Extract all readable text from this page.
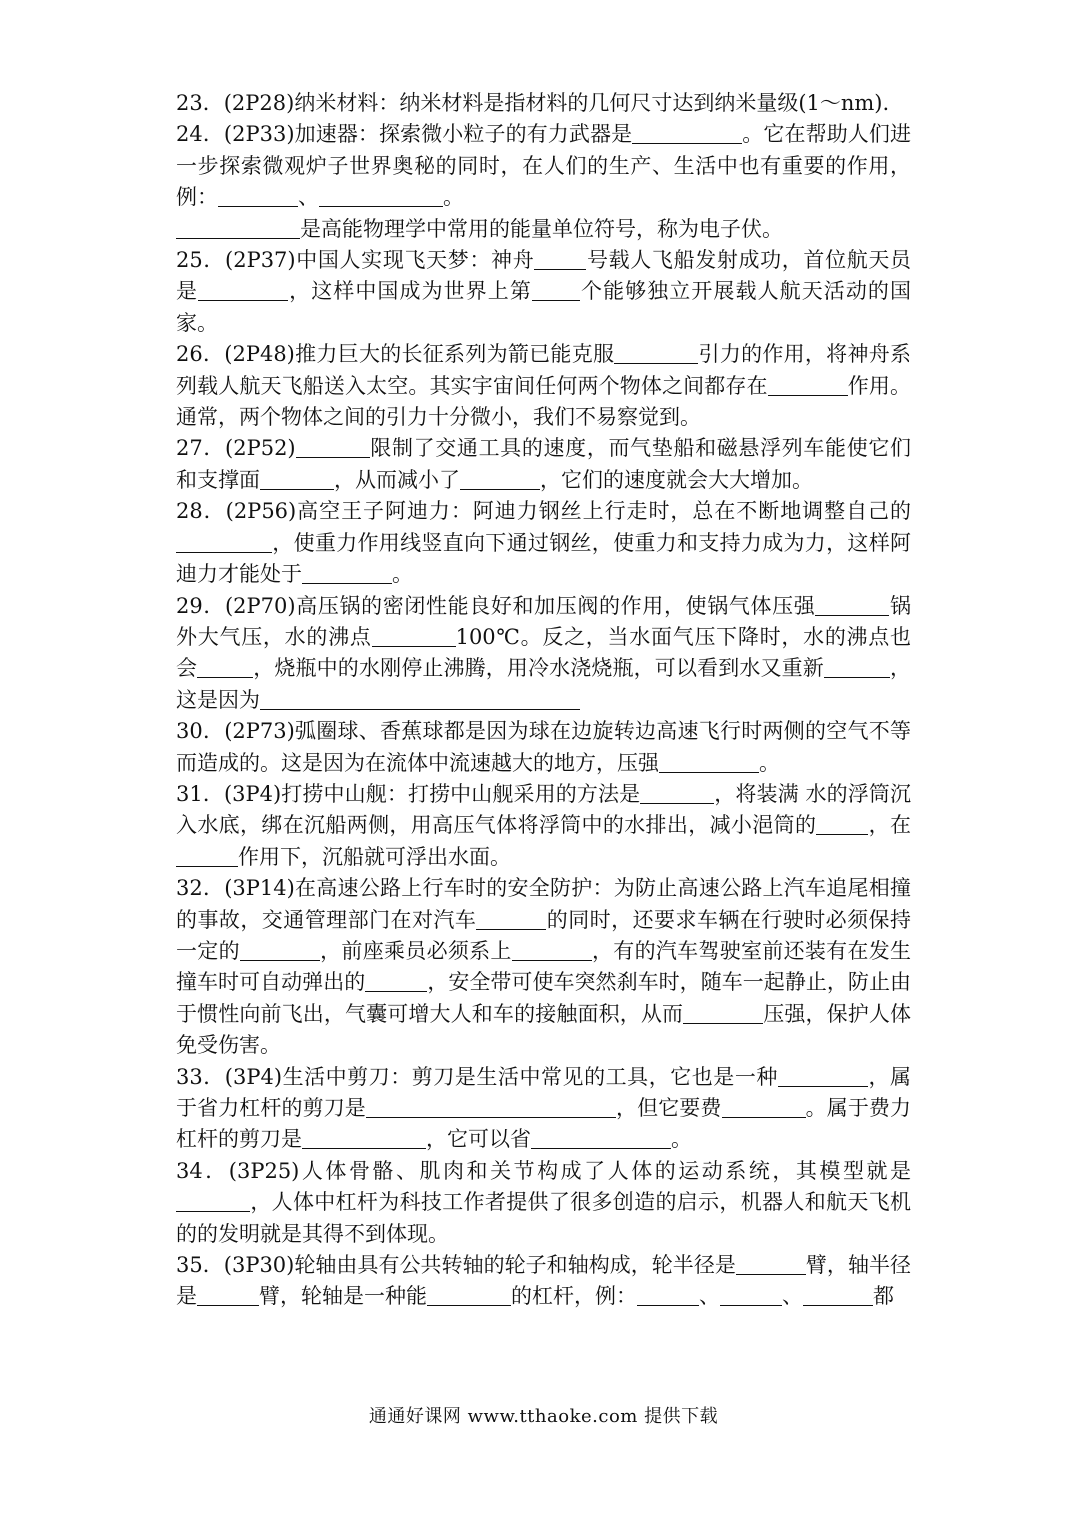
23．(2P28)纳米材料：纳米材料是指材料的几何尺寸达到纳米量级(1～nm).

24．(2P33)加速器：探索微小粒子的有力武器是	。它在帮助人们进一步探索微观炉子世界奥秘的同时，在人们的生产、生活中也有重要的作用，例：	、	。

是高能物理学中常用的能量单位符号，称为电子伏。

25．(2P37)中国人实现飞天梦：神舟 号载人飞船发射成功，首位航天员是	，这样中国成为世界上第 个能够独立开展载人航天活动的国家。

26．(2P48)推力巨大的长征系列为箭已能克服	引力的作用，将神舟系列载人航天飞船送入太空。其实宇宙间任何两个物体之间都存在	作用。通常，两个物体之间的引力十分微小，我们不易察觉到。

27．(2P52)	限制了交通工具的速度，而气垫船和磁悬浮列车能使它们和支撑面	，从而减小了	，它们的速度就会大大增加。

28．(2P56)高空王子阿迪力：阿迪力钢丝上行走时，总在不断地调整自己的，使重力作用线竖直向下通过钢丝，使重力和支持力成为力，这样阿迪力才能处于	。

29．(2P70)高压锅的密闭性能良好和加压阀的作用，使锅气体压强	锅外大气压，水的沸点	100℃。反之，当水面气压下降时，水的沸点也会	，烧瓶中的水刚停止沸腾，用冷水浇烧瓶，可以看到水又重新	，这是因为

30．(2P73)弧圈球、香蕉球都是因为球在边旋转边高速飞行时两侧的空气不等而造成的。这是因为在流体中流速越大的地方，压强	。

31．(3P4)打捞中山舰：打捞中山舰采用的方法是	，将装满 水的浮筒沉入水底，绑在沉船两侧，用高压气体将浮筒中的水排出，减小浥筒的 ，在作用下，沉船就可浮出水面。

32．(3P14)在高速公路上行车时的安全防护：为防止高速公路上汽车追尾相撞的事故，交通管理部门在对汽车	的同时，还要求车辆在行驶时必须保持一定的	，前座乘员必须系上	，有的汽车驾驶室前还装有在发生撞车时可自动弹出的	，安全带可使车突然刹车时，随车一起静止，防止由于惯性向前飞出，气囊可增大人和车的接触面积，从而	压强，保护人体免受伤害。

33．(3P4)生活中剪刀：剪刀是生活中常见的工具，它也是一种	，属于省力杠杆的剪刀是	，但它要费	。属于费力杠杆的剪刀是	，它可以省	。

34．(3P25)人体骨骼、肌肉和关节构成了人体的运动系统，其模型就是，人体中杠杆为科技工作者提供了很多创造的启示，机器人和航天飞机的的发明就是其得不到体现。

35．(3P30)轮轴由具有公共转轴的轮子和轴构成，轮半径是	臂，轴半径是	臂，轮轴是一种能	的杠杆，例：	、	、	都

通通好课网 www.tthaoke.com 提供下载
